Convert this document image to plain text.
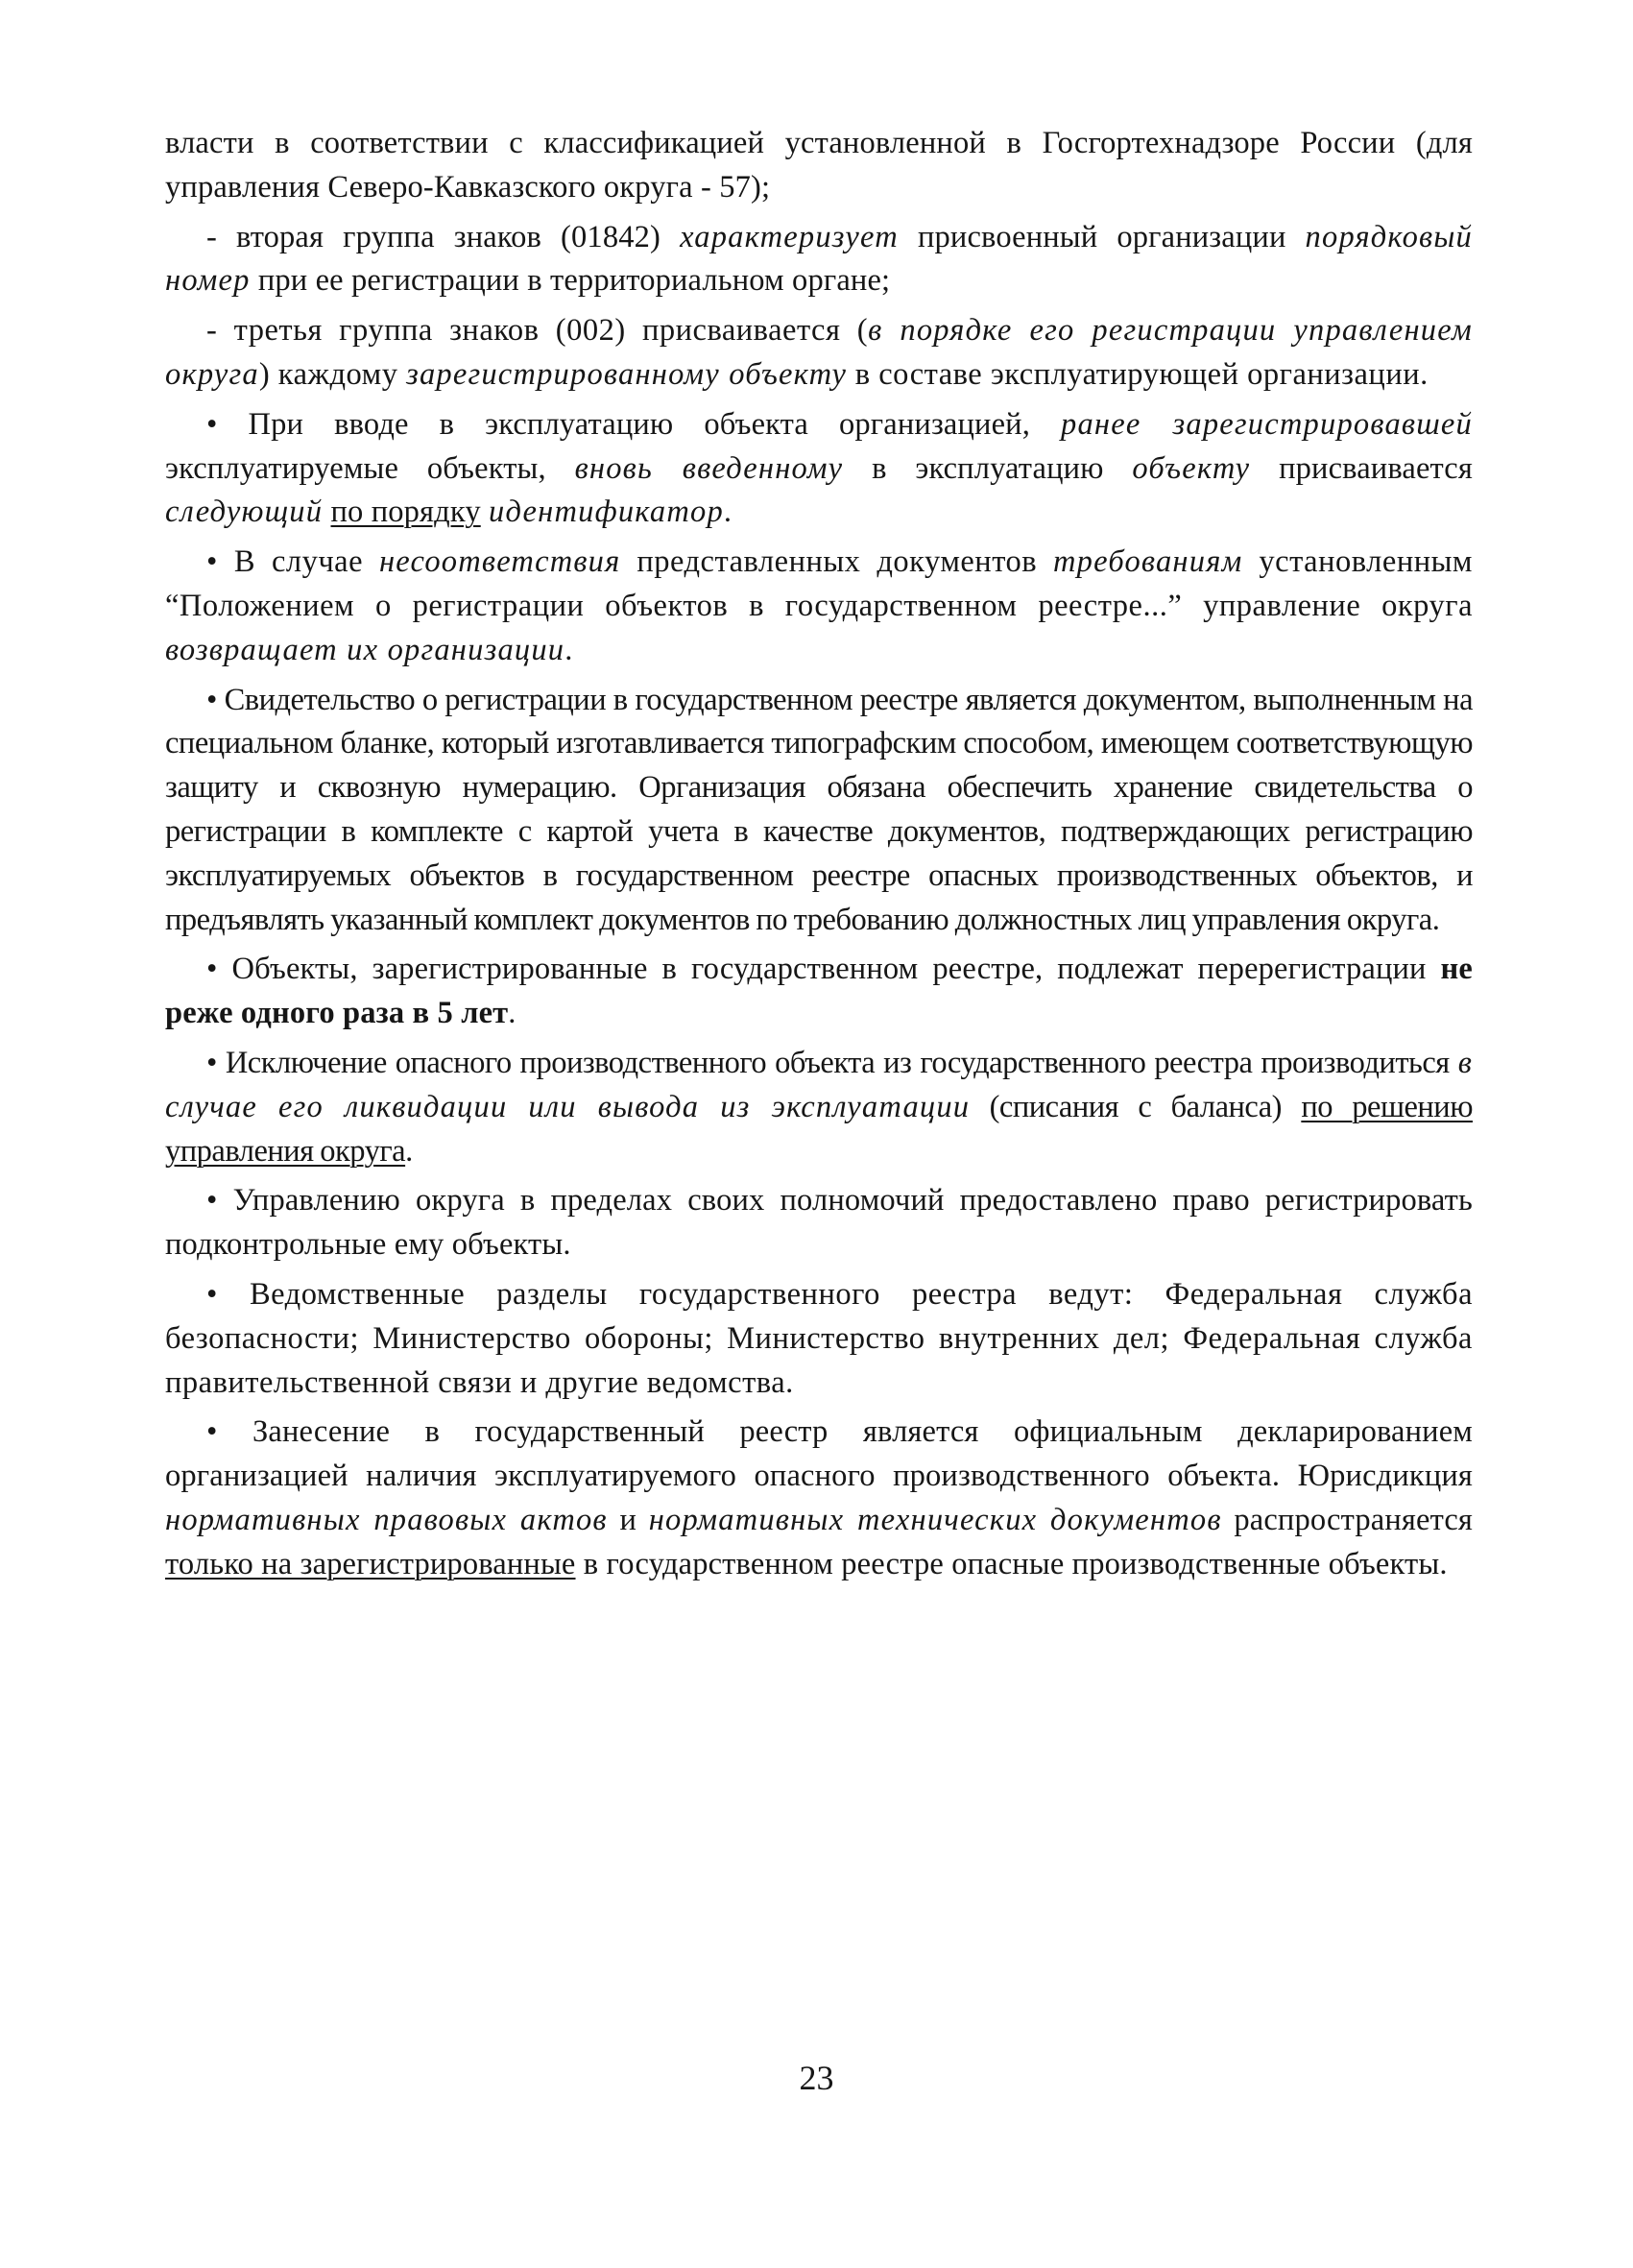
власти в соответствии с классификацией установленной в Госгортехнадзоре России (для управления Северо-Кавказского округа - 57);

- вторая группа знаков (01842) характеризует присвоенный организации порядковый номер при ее регистрации в территориальном органе;

- третья группа знаков (002) присваивается (в порядке его регистрации управлением округа) каждому зарегистрированному объекту в составе эксплуатирующей организации.

• При вводе в эксплуатацию объекта организацией, ранее зарегистрировавшей эксплуатируемые объекты, вновь введенному в эксплуатацию объекту присваивается следующий по порядку идентификатор.

• В случае несоответствия представленных документов требованиям установленным “Положением о регистрации объектов в государственном реестре...” управление округа возвращает их организации.

• Свидетельство о регистрации в государственном реестре является документом, выполненным на специальном бланке, который изготавливается типографским способом, имеющем соответствующую защиту и сквозную нумерацию. Организация обязана обеспечить хранение свидетельства о регистрации в комплекте с картой учета в качестве документов, подтверждающих регистрацию эксплуатируемых объектов в государственном реестре опасных производственных объектов, и предъявлять указанный комплект документов по требованию должностных лиц управления округа.

• Объекты, зарегистрированные в государственном реестре, подлежат перерегистрации не реже одного раза в 5 лет.

• Исключение опасного производственного объекта из государственного реестра производиться в случае его ликвидации или вывода из эксплуатации (списания с баланса) по решению управления округа.

• Управлению округа в пределах своих полномочий предоставлено право регистрировать подконтрольные ему объекты.

• Ведомственные разделы государственного реестра ведут: Федеральная служба безопасности; Министерство обороны; Министерство внутренних дел; Федеральная служба правительственной связи и другие ведомства.

• Занесение в государственный реестр является официальным декларированием организацией наличия эксплуатируемого опасного производственного объекта. Юрисдикция нормативных правовых актов и нормативных технических документов распространяется только на зарегистрированные в государственном реестре опасные производственные объекты.

23
